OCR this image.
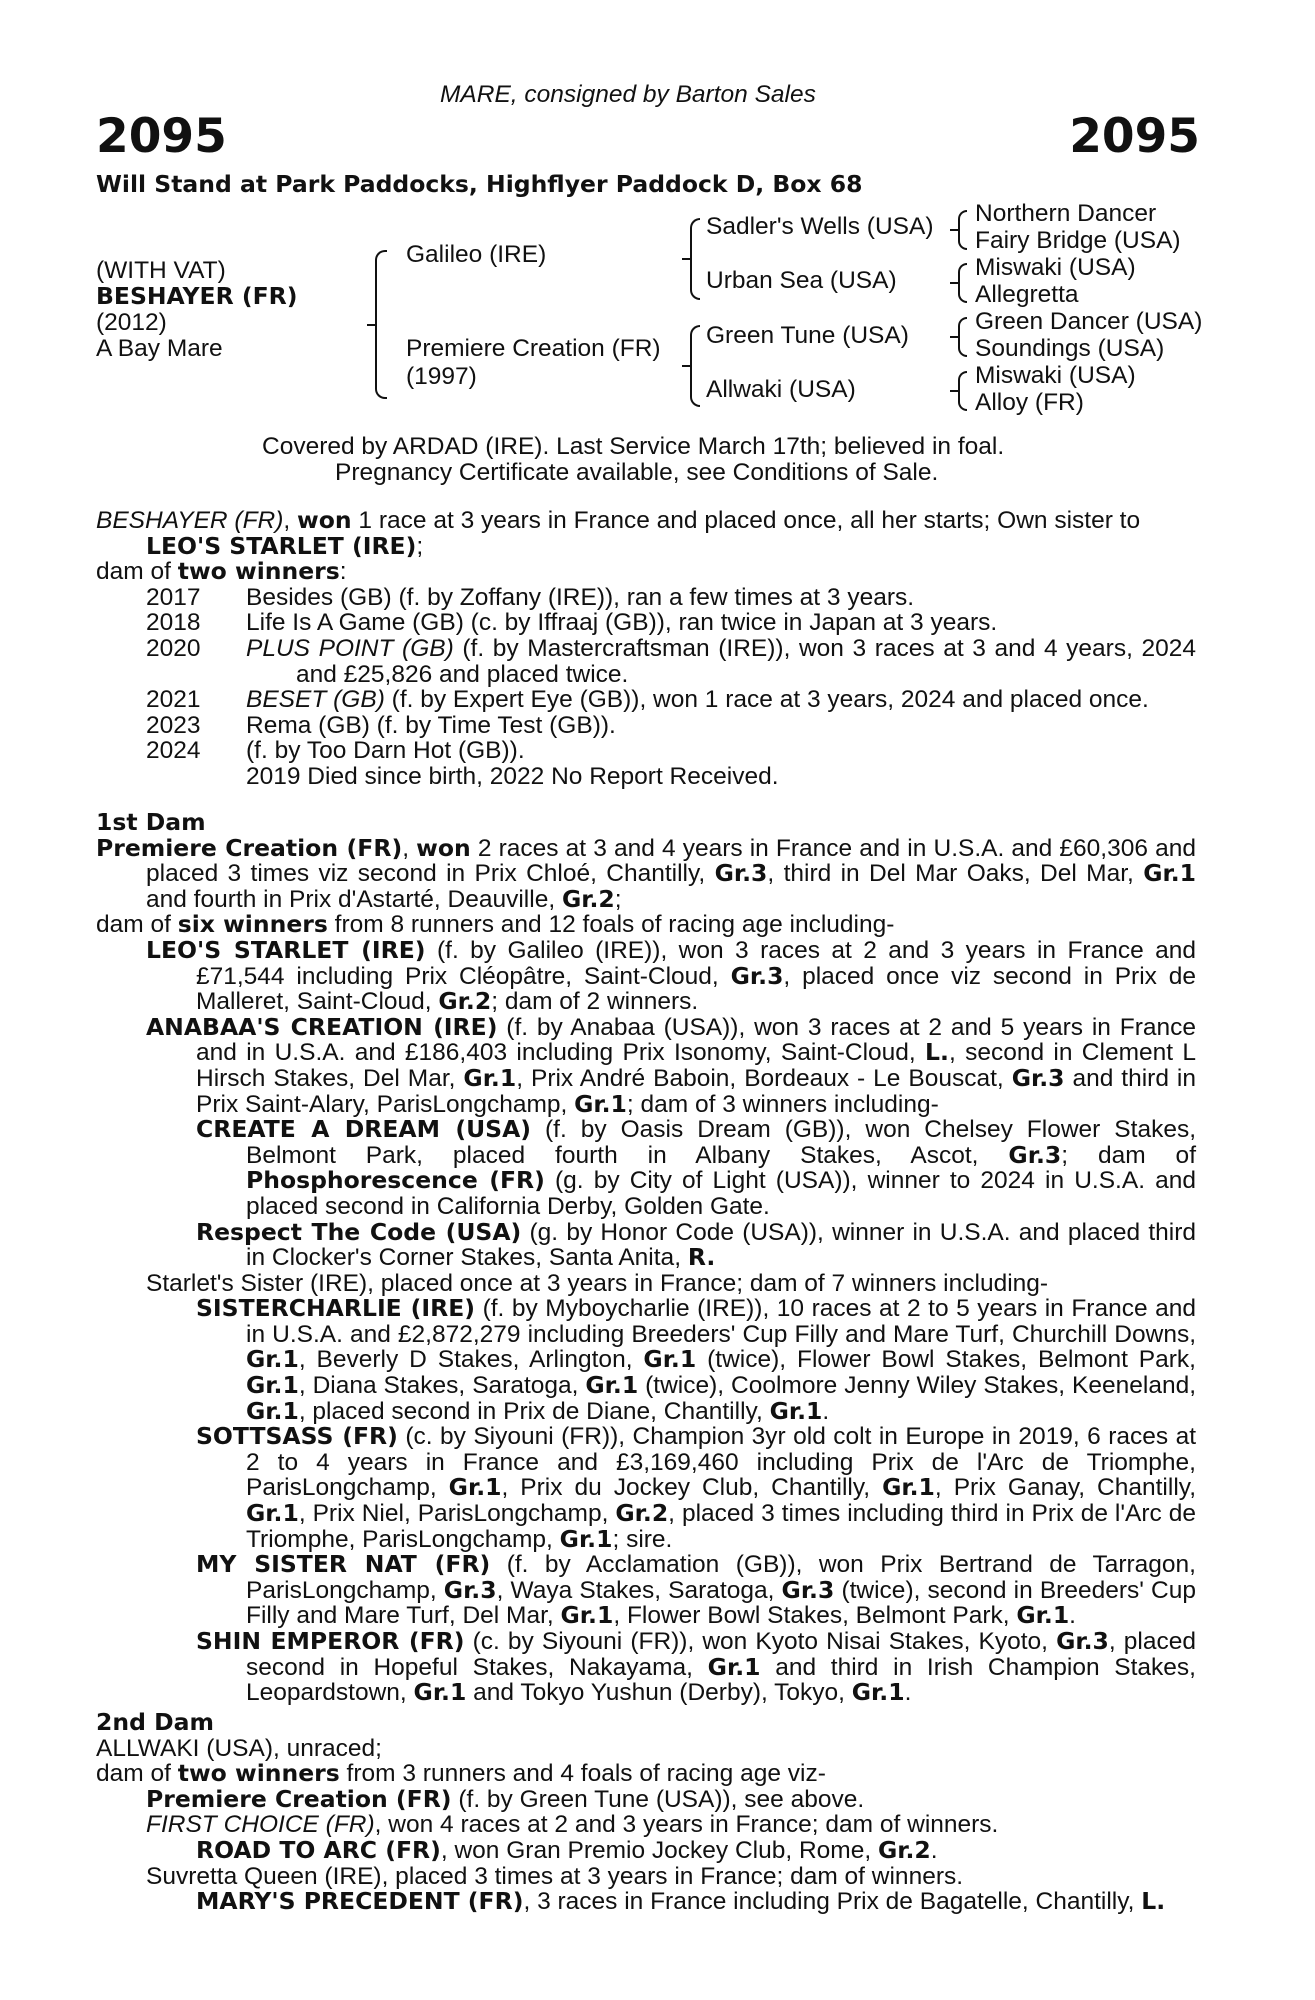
MARE, consigned by Barton Sales
2095	2095
Will Stand at Park Paddocks, Highflyer Paddock D, Box 68
(WITH VAT)
BESHAYER (FR)
(2012)
A Bay Mare
Galileo (IRE)
Premiere Creation (FR)
(1997)
Sadler's Wells (USA)
Urban Sea (USA)
Green Tune (USA)
Allwaki (USA)
Northern Dancer
Fairy Bridge (USA)
Miswaki (USA)
Allegretta
Green Dancer (USA)
Soundings (USA)
Miswaki (USA)
Alloy (FR)
Covered by ARDAD (IRE). Last Service March 17th; believed in foal.
Pregnancy Certificate available, see Conditions of Sale.

BESHAYER (FR), won 1 race at 3 years in France and placed once, all her starts; Own sister to

LEO'S STARLET (IRE);

dam of two winners:

2017 Besides (GB) (f. by Zoffany (IRE)), ran a few times at 3 years.
2018 Life Is A Game (GB) (c. by Iffraaj (GB)), ran twice in Japan at 3 years.
2020 PLUS POINT (GB) (f. by Mastercraftsman (IRE)), won 3 races at 3 and 4 years, 2024 and £25,826 and placed twice.
2021 BESET (GB) (f. by Expert Eye (GB)), won 1 race at 3 years, 2024 and placed once.
2023 Rema (GB) (f. by Time Test (GB)).
2024 (f. by Too Darn Hot (GB)).

2019 Died since birth, 2022 No Report Received.

1st Dam

Premiere Creation (FR), won 2 races at 3 and 4 years in France and in U.S.A. and £60,306 and placed 3 times viz second in Prix Chloé, Chantilly, Gr.3, third in Del Mar Oaks, Del Mar, Gr.1 and fourth in Prix d'Astarté, Deauville, Gr.2;

dam of six winners from 8 runners and 12 foals of racing age including-

LEO'S STARLET (IRE) (f. by Galileo (IRE)), won 3 races at 2 and 3 years in France and £71,544 including Prix Cléopâtre, Saint-Cloud, Gr.3, placed once viz second in Prix de Malleret, Saint-Cloud, Gr.2; dam of 2 winners.

ANABAA'S CREATION (IRE) (f. by Anabaa (USA)), won 3 races at 2 and 5 years in France and in U.S.A. and £186,403 including Prix Isonomy, Saint-Cloud, L., second in Clement L Hirsch Stakes, Del Mar, Gr.1, Prix André Baboin, Bordeaux - Le Bouscat, Gr.3 and third in Prix Saint-Alary, ParisLongchamp, Gr.1; dam of 3 winners including-

CREATE A DREAM (USA) (f. by Oasis Dream (GB)), won Chelsey Flower Stakes, Belmont Park, placed fourth in Albany Stakes, Ascot, Gr.3; dam of Phosphorescence (FR) (g. by City of Light (USA)), winner to 2024 in U.S.A. and placed second in California Derby, Golden Gate.

Respect The Code (USA) (g. by Honor Code (USA)), winner in U.S.A. and placed third in Clocker's Corner Stakes, Santa Anita, R.

Starlet's Sister (IRE), placed once at 3 years in France; dam of 7 winners including-

SISTERCHARLIE (IRE) (f. by Myboycharlie (IRE)), 10 races at 2 to 5 years in France and in U.S.A. and £2,872,279 including Breeders' Cup Filly and Mare Turf, Churchill Downs, Gr.1, Beverly D Stakes, Arlington, Gr.1 (twice), Flower Bowl Stakes, Belmont Park, Gr.1, Diana Stakes, Saratoga, Gr.1 (twice), Coolmore Jenny Wiley Stakes, Keeneland, Gr.1, placed second in Prix de Diane, Chantilly, Gr.1.

SOTTSASS (FR) (c. by Siyouni (FR)), Champion 3yr old colt in Europe in 2019, 6 races at 2 to 4 years in France and £3,169,460 including Prix de l'Arc de Triomphe, ParisLongchamp, Gr.1, Prix du Jockey Club, Chantilly, Gr.1, Prix Ganay, Chantilly, Gr.1, Prix Niel, ParisLongchamp, Gr.2, placed 3 times including third in Prix de l'Arc de Triomphe, ParisLongchamp, Gr.1; sire.

MY SISTER NAT (FR) (f. by Acclamation (GB)), won Prix Bertrand de Tarragon, ParisLongchamp, Gr.3, Waya Stakes, Saratoga, Gr.3 (twice), second in Breeders' Cup Filly and Mare Turf, Del Mar, Gr.1, Flower Bowl Stakes, Belmont Park, Gr.1.

SHIN EMPEROR (FR) (c. by Siyouni (FR)), won Kyoto Nisai Stakes, Kyoto, Gr.3, placed second in Hopeful Stakes, Nakayama, Gr.1 and third in Irish Champion Stakes, Leopardstown, Gr.1 and Tokyo Yushun (Derby), Tokyo, Gr.1.

2nd Dam

ALLWAKI (USA), unraced;

dam of two winners from 3 runners and 4 foals of racing age viz-

Premiere Creation (FR) (f. by Green Tune (USA)), see above.

FIRST CHOICE (FR), won 4 races at 2 and 3 years in France; dam of winners.

ROAD TO ARC (FR), won Gran Premio Jockey Club, Rome, Gr.2.

Suvretta Queen (IRE), placed 3 times at 3 years in France; dam of winners.

MARY'S PRECEDENT (FR), 3 races in France including Prix de Bagatelle, Chantilly, L.
